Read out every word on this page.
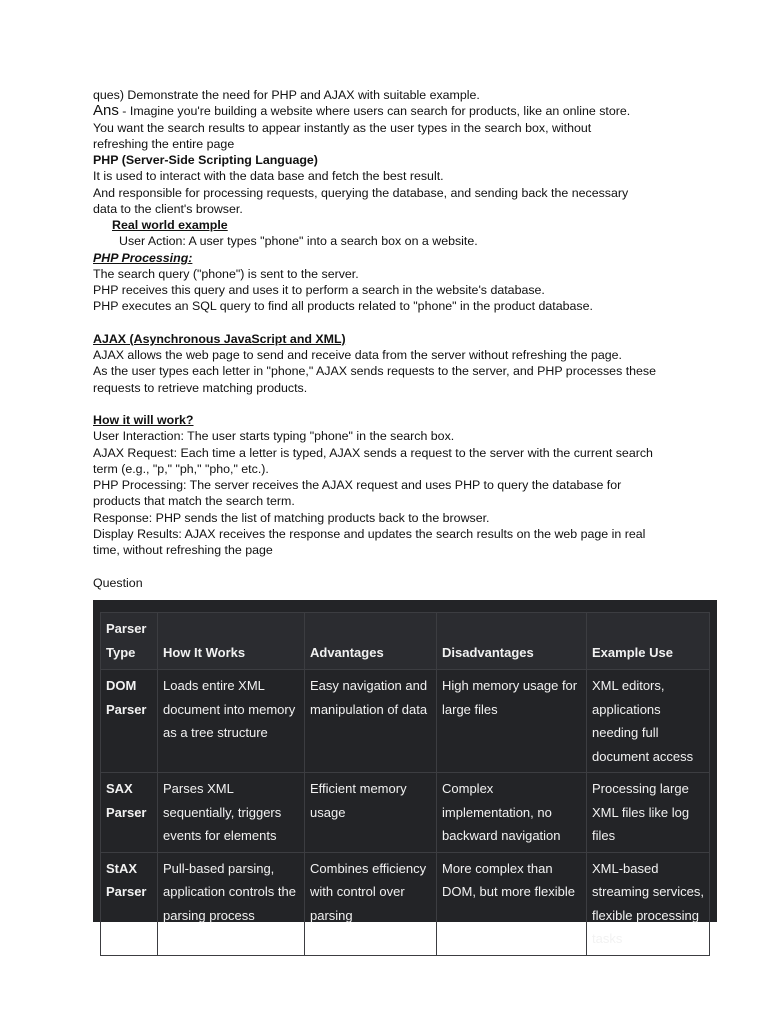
ques) Demonstrate the need for PHP and AJAX with suitable example.

Ans - Imagine you're building a website where users can search for products, like an online store.

You want the search results to appear instantly as the user types in the search box, without

refreshing the entire page

PHP (Server-Side Scripting Language)

It is used to interact with the data base and fetch the best result.

And responsible for processing requests, querying the database, and sending back the necessary

data to the client's browser.

Real world example

User Action: A user types "phone" into a search box on a website.

PHP Processing:

The search query ("phone") is sent to the server.

PHP receives this query and uses it to perform a search in the website's database.

PHP executes an SQL query to find all products related to "phone" in the product database.

AJAX (Asynchronous JavaScript and XML)

AJAX allows the web page to send and receive data from the server without refreshing the page.

As the user types each letter in "phone," AJAX sends requests to the server, and PHP processes these

requests to retrieve matching products.

How it will work?

User Interaction: The user starts typing "phone" in the search box.

AJAX Request: Each time a letter is typed, AJAX sends a request to the server with the current search

term (e.g., "p," "ph," "pho," etc.).

PHP Processing: The server receives the AJAX request and uses PHP to query the database for

products that match the search term.

Response: PHP sends the list of matching products back to the browser.

Display Results: AJAX receives the response and updates the search results on the web page in real

time, without refreshing the page

Question

Parser
Type	How It Works	Advantages	Disadvantages	Example Use
DOM
Parser	Loads entire XML document into memory as a tree structure	Easy navigation and manipulation of data	High memory usage for large files	XML editors, applications needing full document access
SAX
Parser	Parses XML sequentially, triggers events for elements	Efficient memory usage	Complex implementation, no backward navigation	Processing large XML files like log files
StAX
Parser	Pull-based parsing, application controls the parsing process	Combines efficiency with control over parsing	More complex than DOM, but more flexible	XML-based streaming services, flexible processing tasks
